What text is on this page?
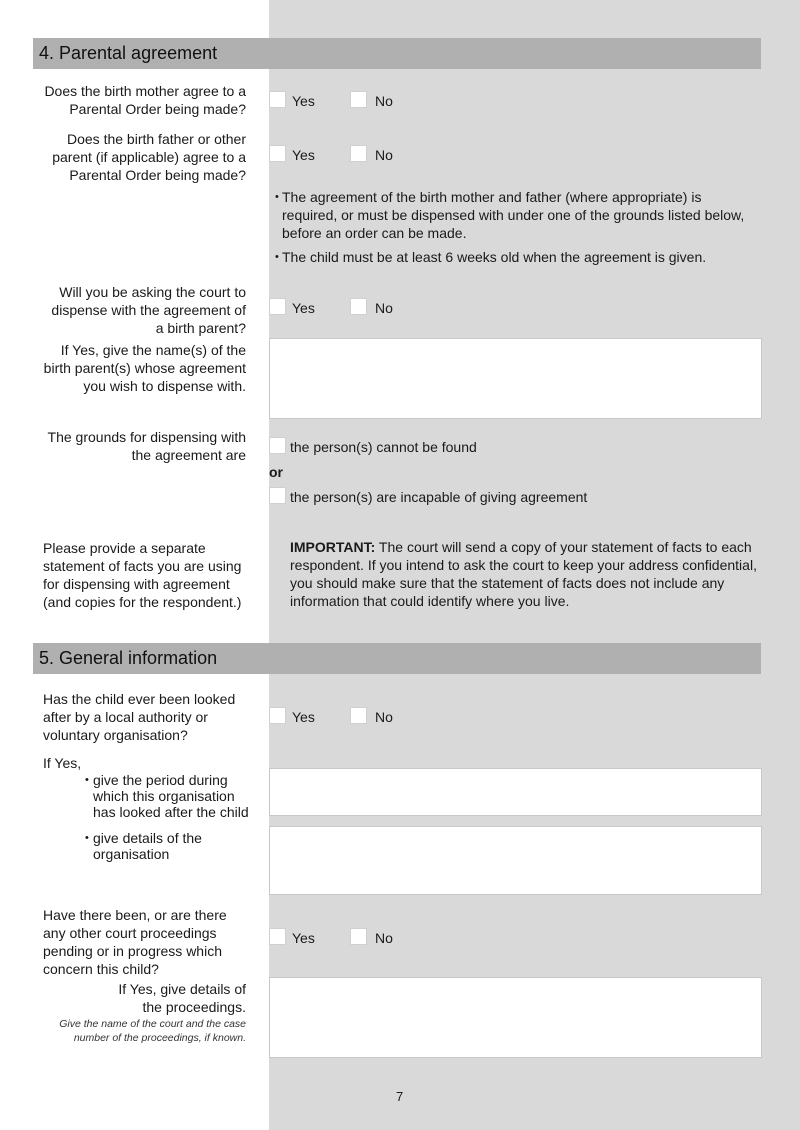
4. Parental agreement
Does the birth mother agree to a Parental Order being made?	Yes	No
Does the birth father or other parent (if applicable) agree to a Parental Order being made?
Yes	No
• The agreement of the birth mother and father (where appropriate) is required, or must be dispensed with under one of the grounds listed below, before an order can be made.
• The child must be at least 6 weeks old when the agreement is given.
Will you be asking the court to dispense with the agreement of a birth parent?
Yes	No
If Yes, give the name(s) of the birth parent(s) whose agreement you wish to dispense with.
The grounds for dispensing with the agreement are	the person(s) cannot be found
or
the person(s) are incapable of giving agreement
Please provide a separate statement of facts you are using for dispensing with agreement (and copies for the respondent.)
IMPORTANT: The court will send a copy of your statement of facts to each respondent. If you intend to ask the court to keep your address confidential, you should make sure that the statement of facts does not include any information that could identify where you live.
5. General information
Has the child ever been looked after by a local authority or voluntary organisation?
Yes	No
If Yes,
• give the period during which this organisation has looked after the child
• give details of the organisation
Have there been, or are there any other court proceedings pending or in progress which concern this child?
Yes	No
If Yes, give details of the proceedings.
Give the name of the court and the case number of the proceedings, if known.
7
